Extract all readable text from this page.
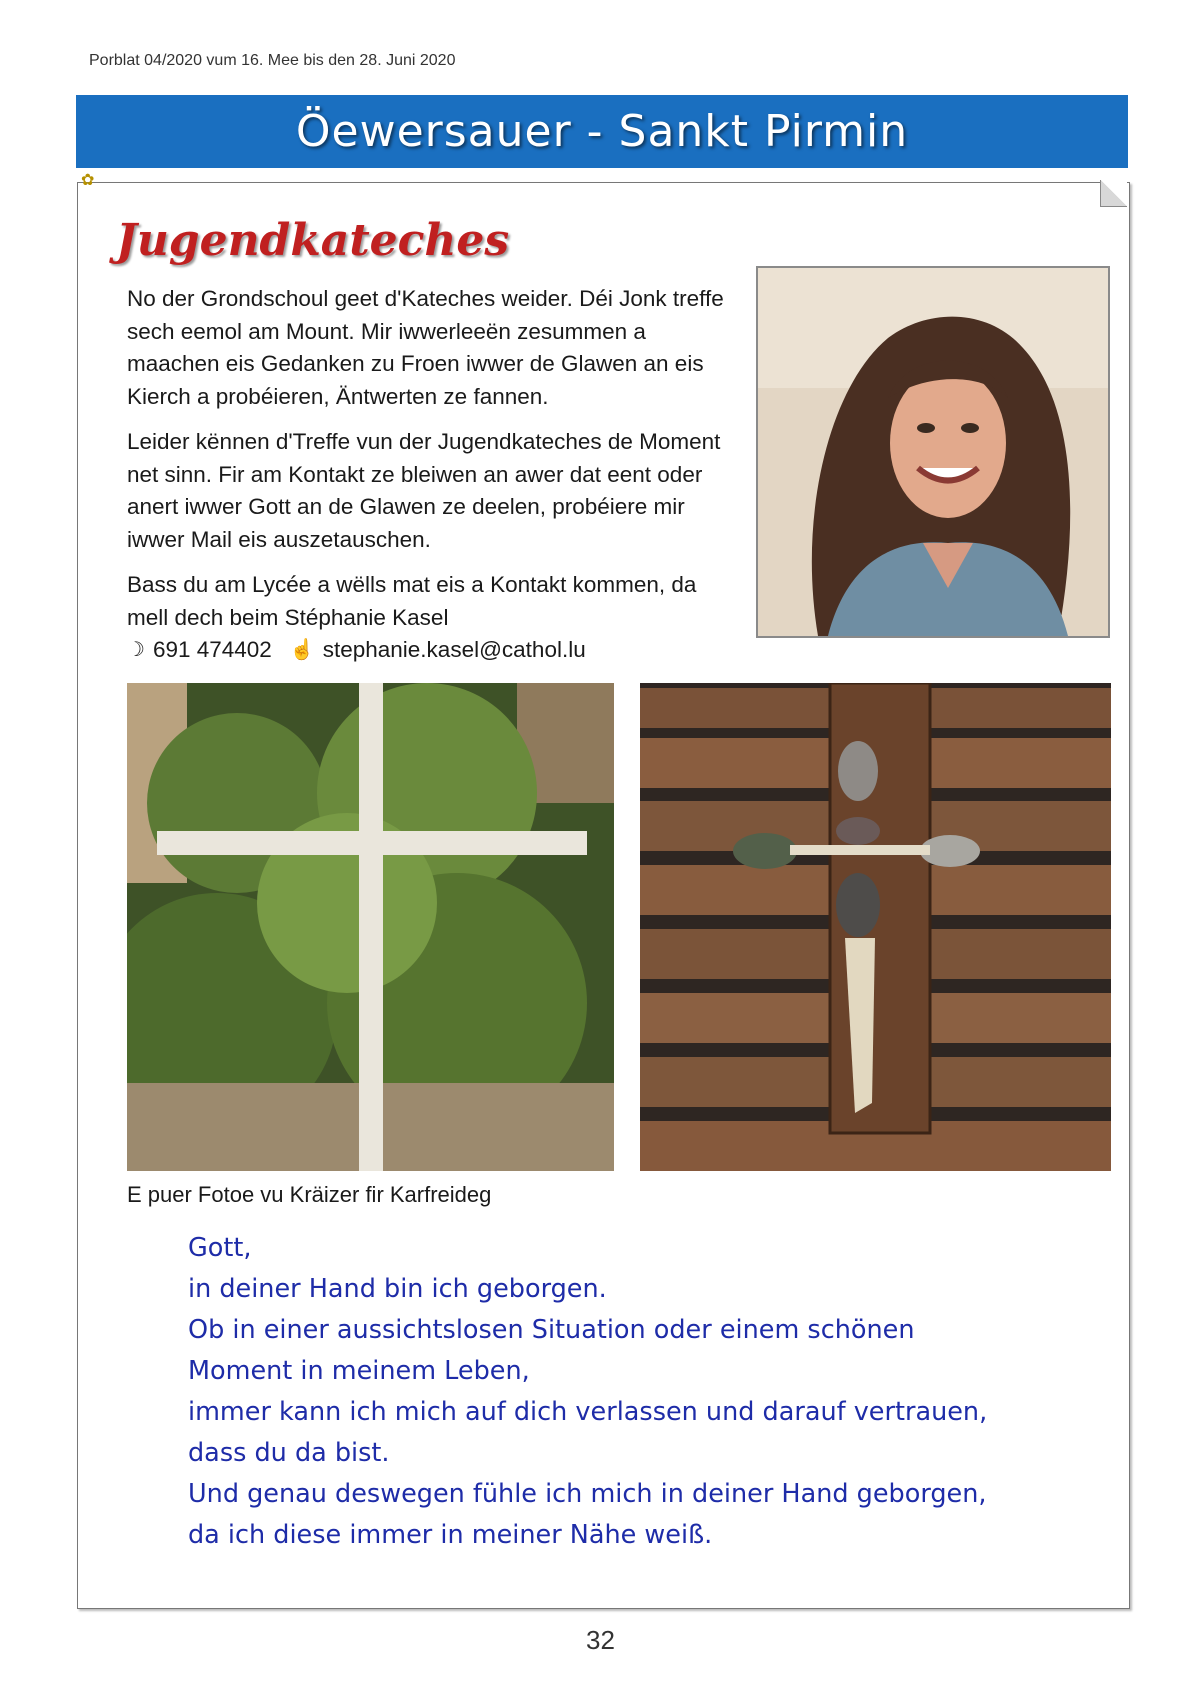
Porblat 04/2020 vum 16. Mee bis den 28. Juni 2020
Öewersauer - Sankt Pirmin
✿
Jugendkateches

No der Grondschoul geet d'Kateches weider. Déi Jonk treffe sech eemol am Mount. Mir iwwerleeën zesummen a maachen eis Gedanken zu Froen iwwer de Glawen an eis Kierch a probéieren, Äntwerten ze fannen.

Leider kënnen d'Treffe vun der Jugendkateches de Moment net sinn. Fir am Kontakt ze bleiwen an awer dat eent oder anert iwwer Gott an de Glawen ze deelen, probéiere mir iwwer Mail eis auszetauschen.

Bass du am Lycée a wëlls mat eis a Kontakt kommen, da mell dech beim Stéphanie Kasel

☽ 691 474402 ☝ stephanie.kasel@cathol.lu
E puer Fotoe vu Kräizer fir Karfreideg
Gott,
in deiner Hand bin ich geborgen.
Ob in einer aussichtslosen Situation oder einem schönen
Moment in meinem Leben,
immer kann ich mich auf dich verlassen und darauf vertrauen,
dass du da bist.
Und genau deswegen fühle ich mich in deiner Hand geborgen,
da ich diese immer in meiner Nähe weiß.
32
